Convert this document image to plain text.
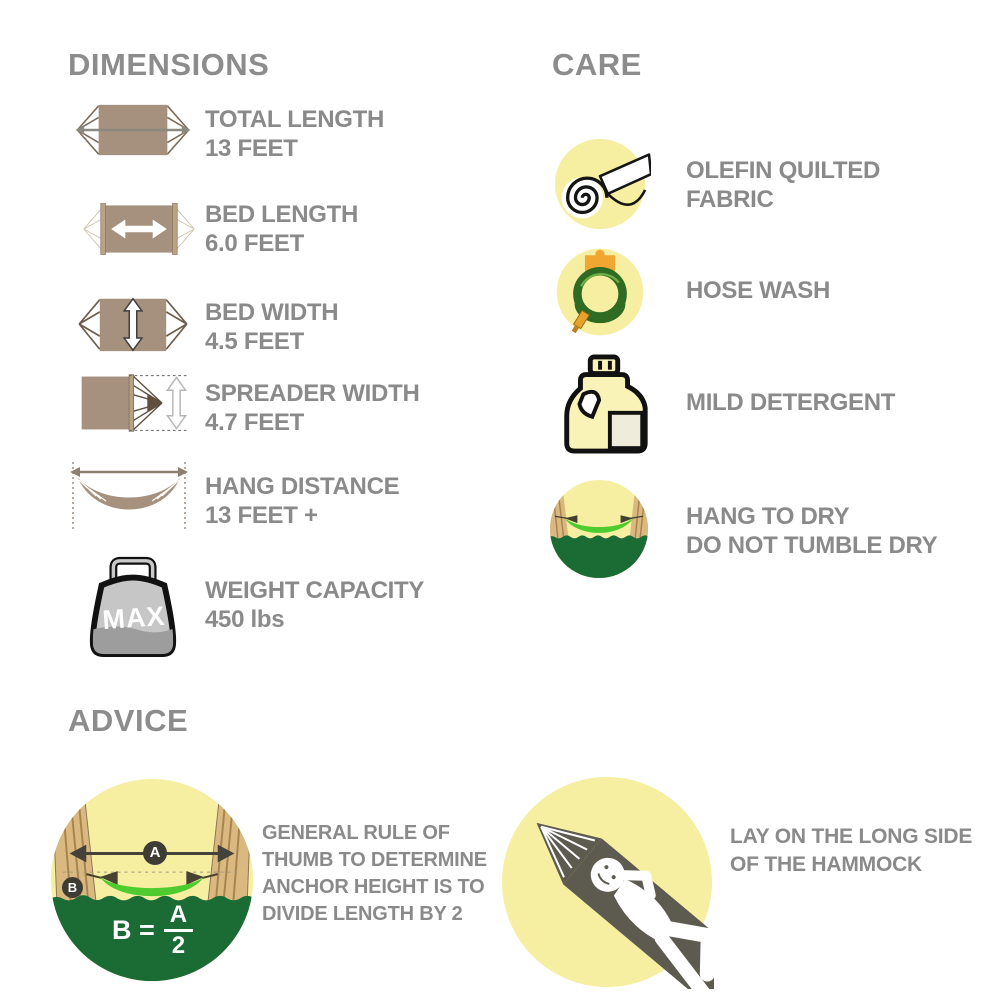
DIMENSIONS
TOTAL LENGTH
13 FEET
BED LENGTH
6.0 FEET
BED WIDTH
4.5 FEET
SPREADER WIDTH
4.7 FEET
HANG DISTANCE
13 FEET +
MAX
WEIGHT CAPACITY
450 lbs
CARE
OLEFIN QUILTED
FABRIC
HOSE WASH
MILD DETERGENT
HANG TO DRY
DO NOT TUMBLE DRY
ADVICE
A
B
$B = \frac{A}{2}$
GENERAL RULE OF
THUMB TO DETERMINE
ANCHOR HEIGHT IS TO
DIVIDE LENGTH BY 2
LAY ON THE LONG SIDE
OF THE HAMMOCK
